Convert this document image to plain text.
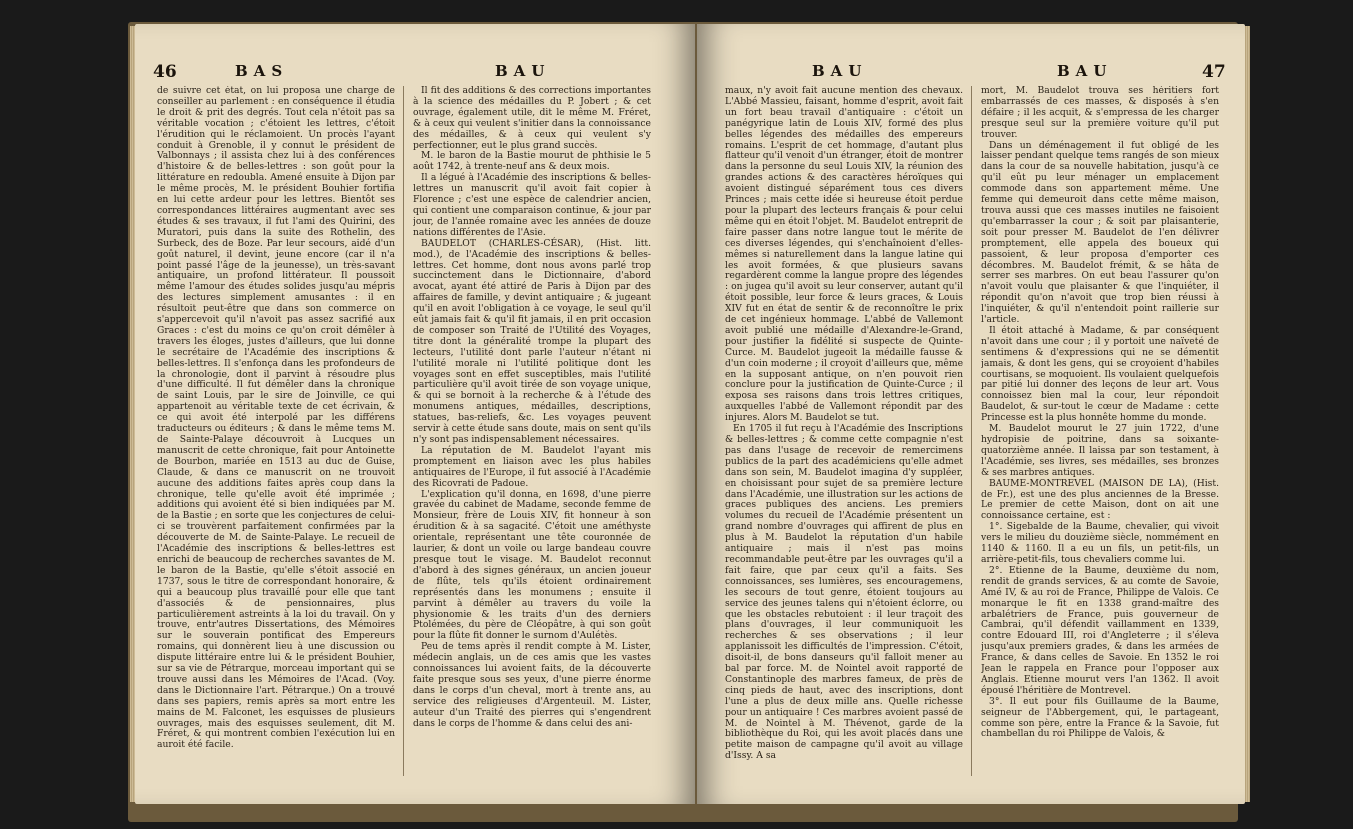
46	BAS	BAU

de suivre cet état, on lui proposa une charge de conseiller au parlement : en conséquence il étudia le droit & prit des degrés. Tout cela n'étoit pas sa véritable vocation ; c'étoient les lettres, c'étoit l'érudition qui le réclamoient. Un procès l'ayant conduit à Grenoble, il y connut le président de Valbonnays ; il assista chez lui à des conférences d'histoire & de belles-lettres : son goût pour la littérature en redoubla. Amené ensuite à Dijon par le même procès, M. le président Bouhier fortifia en lui cette ardeur pour les lettres. Bientôt ses correspondances littéraires augmentant avec ses études & ses travaux, il fut l'ami des Quirini, des Muratori, puis dans la suite des Rothelin, des Surbeck, des de Boze. Par leur secours, aidé d'un goût naturel, il devint, jeune encore (car il n'a point passé l'âge de la jeunesse), un très-savant antiquaire, un profond littérateur. Il poussoit même l'amour des études solides jusqu'au mépris des lectures simplement amusantes : il en résultoit peut-être que dans son commerce on s'appercevoit qu'il n'avoit pas assez sacrifié aux Graces : c'est du moins ce qu'on croit démêler à travers les éloges, justes d'ailleurs, que lui donne le secrétaire de l'Académie des inscriptions & belles-lettres. Il s'enfonça dans les profondeurs de la chronologie, dont il parvint à résoudre plus d'une difficulté. Il fut démêler dans la chronique de saint Louis, par le sire de Joinville, ce qui appartenoit au véritable texte de cet écrivain, & ce qui avoit été interpolé par les différens traducteurs ou éditeurs ; & dans le même tems M. de Sainte-Palaye découvroit à Lucques un manuscrit de cette chronique, fait pour Antoinette de Bourbon, mariée en 1513 au duc de Guise, Claude, & dans ce manuscrit on ne trouvoit aucune des additions faites après coup dans la chronique, telle qu'elle avoit été imprimée ; additions qui avoient été si bien indiquées par M. de la Bastie ; en sorte que les conjectures de celui-ci se trouvèrent parfaitement confirmées par la découverte de M. de Sainte-Palaye. Le recueil de l'Académie des inscriptions & belles-lettres est enrichi de beaucoup de recherches savantes de M. le baron de la Bastie, qu'elle s'étoit associé en 1737, sous le titre de correspondant honoraire, & qui a beaucoup plus travaillé pour elle que tant d'associés & de pensionnaires, plus particulièrement astreints à la loi du travail. On y trouve, entr'autres Dissertations, des Mémoires sur le souverain pontificat des Empereurs romains, qui donnèrent lieu à une discussion ou dispute littéraire entre lui & le président Bouhier, sur sa vie de Pétrarque, morceau important qui se trouve aussi dans les Mémoires de l'Acad. (Voy. dans le Dictionnaire l'art. Pétrarque.) On a trouvé dans ses papiers, remis après sa mort entre les mains de M. Falconet, les esquisses de plusieurs ouvrages, mais des esquisses seulement, dit M. Fréret, & qui montrent combien l'exécution lui en auroit été facile.

Il fit des additions & des corrections importantes à la science des médailles du P. Jobert ; & cet ouvrage, également utile, dit le même M. Fréret, & à ceux qui veulent s'initier dans la connoissance des médailles, & à ceux qui veulent s'y perfectionner, eut le plus grand succès.

M. le baron de la Bastie mourut de phthisie le 5 août 1742, à trente-neuf ans & deux mois.

Il a légué à l'Académie des inscriptions & belles-lettres un manuscrit qu'il avoit fait copier à Florence ; c'est une espèce de calendrier ancien, qui contient une comparaison continue, & jour par jour, de l'année romaine avec les années de douze nations différentes de l'Asie.

BAUDELOT (CHARLES-CÉSAR), (Hist. litt. mod.), de l'Académie des inscriptions & belles-lettres. Cet homme, dont nous avons parlé trop succinctement dans le Dictionnaire, d'abord avocat, ayant été attiré de Paris à Dijon par des affaires de famille, y devint antiquaire ; & jugeant qu'il en avoit l'obligation à ce voyage, le seul qu'il eût jamais fait & qu'il fit jamais, il en prit occasion de composer son Traité de l'Utilité des Voyages, titre dont la généralité trompe la plupart des lecteurs, l'utilité dont parle l'auteur n'étant ni l'utilité morale ni l'utilité politique dont les voyages sont en effet susceptibles, mais l'utilité particulière qu'il avoit tirée de son voyage unique, & qui se bornoit à la recherche & à l'étude des monumens antiques, médailles, descriptions, statues, bas-reliefs, &c. Les voyages peuvent servir à cette étude sans doute, mais on sent qu'ils n'y sont pas indispensablement nécessaires.

La réputation de M. Baudelot l'ayant mis promptement en liaison avec les plus habiles antiquaires de l'Europe, il fut associé à l'Académie des Ricovrati de Padoue.

L'explication qu'il donna, en 1698, d'une pierre gravée du cabinet de Madame, seconde femme de Monsieur, frère de Louis XIV, fit honneur à son érudition & à sa sagacité. C'étoit une améthyste orientale, représentant une tête couronnée de laurier, & dont un voile ou large bandeau couvre presque tout le visage. M. Baudelot reconnut d'abord à des signes généraux, un ancien joueur de flûte, tels qu'ils étoient ordinairement représentés dans les monumens ; ensuite il parvint à démêler au travers du voile la physionomie & les traits d'un des derniers Ptolémées, du père de Cléopâtre, à qui son goût pour la flûte fit donner le surnom d'Aulétès.

Peu de tems après il rendit compte à M. Lister, médecin anglais, un de ces amis que les vastes connoissances lui avoient faits, de la découverte faite presque sous ses yeux, d'une pierre énorme dans le corps d'un cheval, mort à trente ans, au service des religieuses d'Argenteuil. M. Lister, auteur d'un Traité des pierres qui s'engendrent dans le corps de l'homme & dans celui des ani-

BAU	BAU	47

maux, n'y avoit fait aucune mention des chevaux. L'Abbé Massieu, faisant, homme d'esprit, avoit fait un fort beau travail d'antiquaire : c'étoit un panégyrique latin de Louis XIV, formé des plus belles légendes des médailles des empereurs romains. L'esprit de cet hommage, d'autant plus flatteur qu'il venoit d'un étranger, étoit de montrer dans la personne du seul Louis XIV, la réunion des grandes actions & des caractères héroïques qui avoient distingué séparément tous ces divers Princes ; mais cette idée si heureuse étoit perdue pour la plupart des lecteurs français & pour celui même qui en étoit l'objet. M. Baudelot entreprit de faire passer dans notre langue tout le mérite de ces diverses légendes, qui s'enchaînoient d'elles-mêmes si naturellement dans la langue latine qui les avoit formées, & que plusieurs savans regardèrent comme la langue propre des légendes : on jugea qu'il avoit su leur conserver, autant qu'il étoit possible, leur force & leurs graces, & Louis XIV fut en état de sentir & de reconnoître le prix de cet ingénieux hommage. L'abbé de Vallemont avoit publié une médaille d'Alexandre-le-Grand, pour justifier la fidélité si suspecte de Quinte-Curce. M. Baudelot jugeoit la médaille fausse & d'un coin moderne ; il croyoit d'ailleurs que, même en la supposant antique, on n'en pouvoit rien conclure pour la justification de Quinte-Curce ; il exposa ses raisons dans trois lettres critiques, auxquelles l'abbé de Vallemont répondit par des injures. Alors M. Baudelot se tut.

En 1705 il fut reçu à l'Académie des Inscriptions & belles-lettres ; & comme cette compagnie n'est pas dans l'usage de recevoir de remercimens publics de la part des académiciens qu'elle admet dans son sein, M. Baudelot imagina d'y suppléer, en choisissant pour sujet de sa première lecture dans l'Académie, une illustration sur les actions de graces publiques des anciens. Les premiers volumes du recueil de l'Académie présentent un grand nombre d'ouvrages qui affirent de plus en plus à M. Baudelot la réputation d'un habile antiquaire ; mais il n'est pas moins recommandable peut-être par les ouvrages qu'il a fait faire, que par ceux qu'il a faits. Ses connoissances, ses lumières, ses encouragemens, les secours de tout genre, étoient toujours au service des jeunes talens qui n'étoient éclorre, ou que les obstacles rebutoient : il leur traçoit des plans d'ouvrages, il leur communiquoit les recherches & ses observations ; il leur applanissoit les difficultés de l'impression. C'étoit, disoit-il, de bons danseurs qu'il falloit mener au bal par force. M. de Nointel avoit rapporté de Constantinople des marbres fameux, de près de cinq pieds de haut, avec des inscriptions, dont l'une a plus de deux mille ans. Quelle richesse pour un antiquaire ! Ces marbres avoient passé de M. de Nointel à M. Thévenot, garde de la bibliothèque du Roi, qui les avoit placés dans une petite maison de campagne qu'il avoit au village d'Issy. A sa

mort, M. Baudelot trouva ses héritiers fort embarrassés de ces masses, & disposés à s'en défaire ; il les acquit, & s'empressa de les charger presque seul sur la première voiture qu'il put trouver.

Dans un déménagement il fut obligé de les laisser pendant quelque tems rangés de son mieux dans la cour de sa nouvelle habitation, jusqu'à ce qu'il eût pu leur ménager un emplacement commode dans son appartement même. Une femme qui demeuroit dans cette même maison, trouva aussi que ces masses inutiles ne faisoient qu'embarrasser la cour ; & soit par plaisanterie, soit pour presser M. Baudelot de l'en délivrer promptement, elle appela des boueux qui passoient, & leur proposa d'emporter ces décombres. M. Baudelot frémit, & se hâta de serrer ses marbres. On eut beau l'assurer qu'on n'avoit voulu que plaisanter & que l'inquiéter, il répondit qu'on n'avoit que trop bien réussi à l'inquiéter, & qu'il n'entendoit point raillerie sur l'article.

Il étoit attaché à Madame, & par conséquent n'avoit dans une cour ; il y portoit une naïveté de sentimens & d'expressions qui ne se démentit jamais, & dont les gens, qui se croyoient d'habiles courtisans, se moquoient. Ils voulaient quelquefois par pitié lui donner des leçons de leur art. Vous connoissez bien mal la cour, leur répondoit Baudelot, & sur-tout le cœur de Madame : cette Princesse est la plus honnête homme du monde.

M. Baudelot mourut le 27 juin 1722, d'une hydropisie de poitrine, dans sa soixante-quatorzième année. Il laissa par son testament, à l'Académie, ses livres, ses médailles, ses bronzes & ses marbres antiques.

BAUME-MONTREVEL (MAISON DE LA), (Hist. de Fr.), est une des plus anciennes de la Bresse. Le premier de cette Maison, dont on ait une connoissance certaine, est :

1°. Sigebalde de la Baume, chevalier, qui vivoit vers le milieu du douzième siècle, nommément en 1140 & 1160. Il a eu un fils, un petit-fils, un arrière-petit-fils, tous chevaliers comme lui.

2°. Etienne de la Baume, deuxième du nom, rendit de grands services, & au comte de Savoie, Amé IV, & au roi de France, Philippe de Valois. Ce monarque le fit en 1338 grand-maître des arbalétriers de France, puis gouverneur de Cambrai, qu'il défendit vaillamment en 1339, contre Edouard III, roi d'Angleterre ; il s'éleva jusqu'aux premiers grades, & dans les armées de France, & dans celles de Savoie. En 1352 le roi Jean le rappela en France pour l'opposer aux Anglais. Etienne mourut vers l'an 1362. Il avoit épousé l'héritière de Montrevel.

3°. Il eut pour fils Guillaume de la Baume, seigneur de l'Abbergement, qui, le partageant, comme son père, entre la France & la Savoie, fut chambellan du roi Philippe de Valois, &
